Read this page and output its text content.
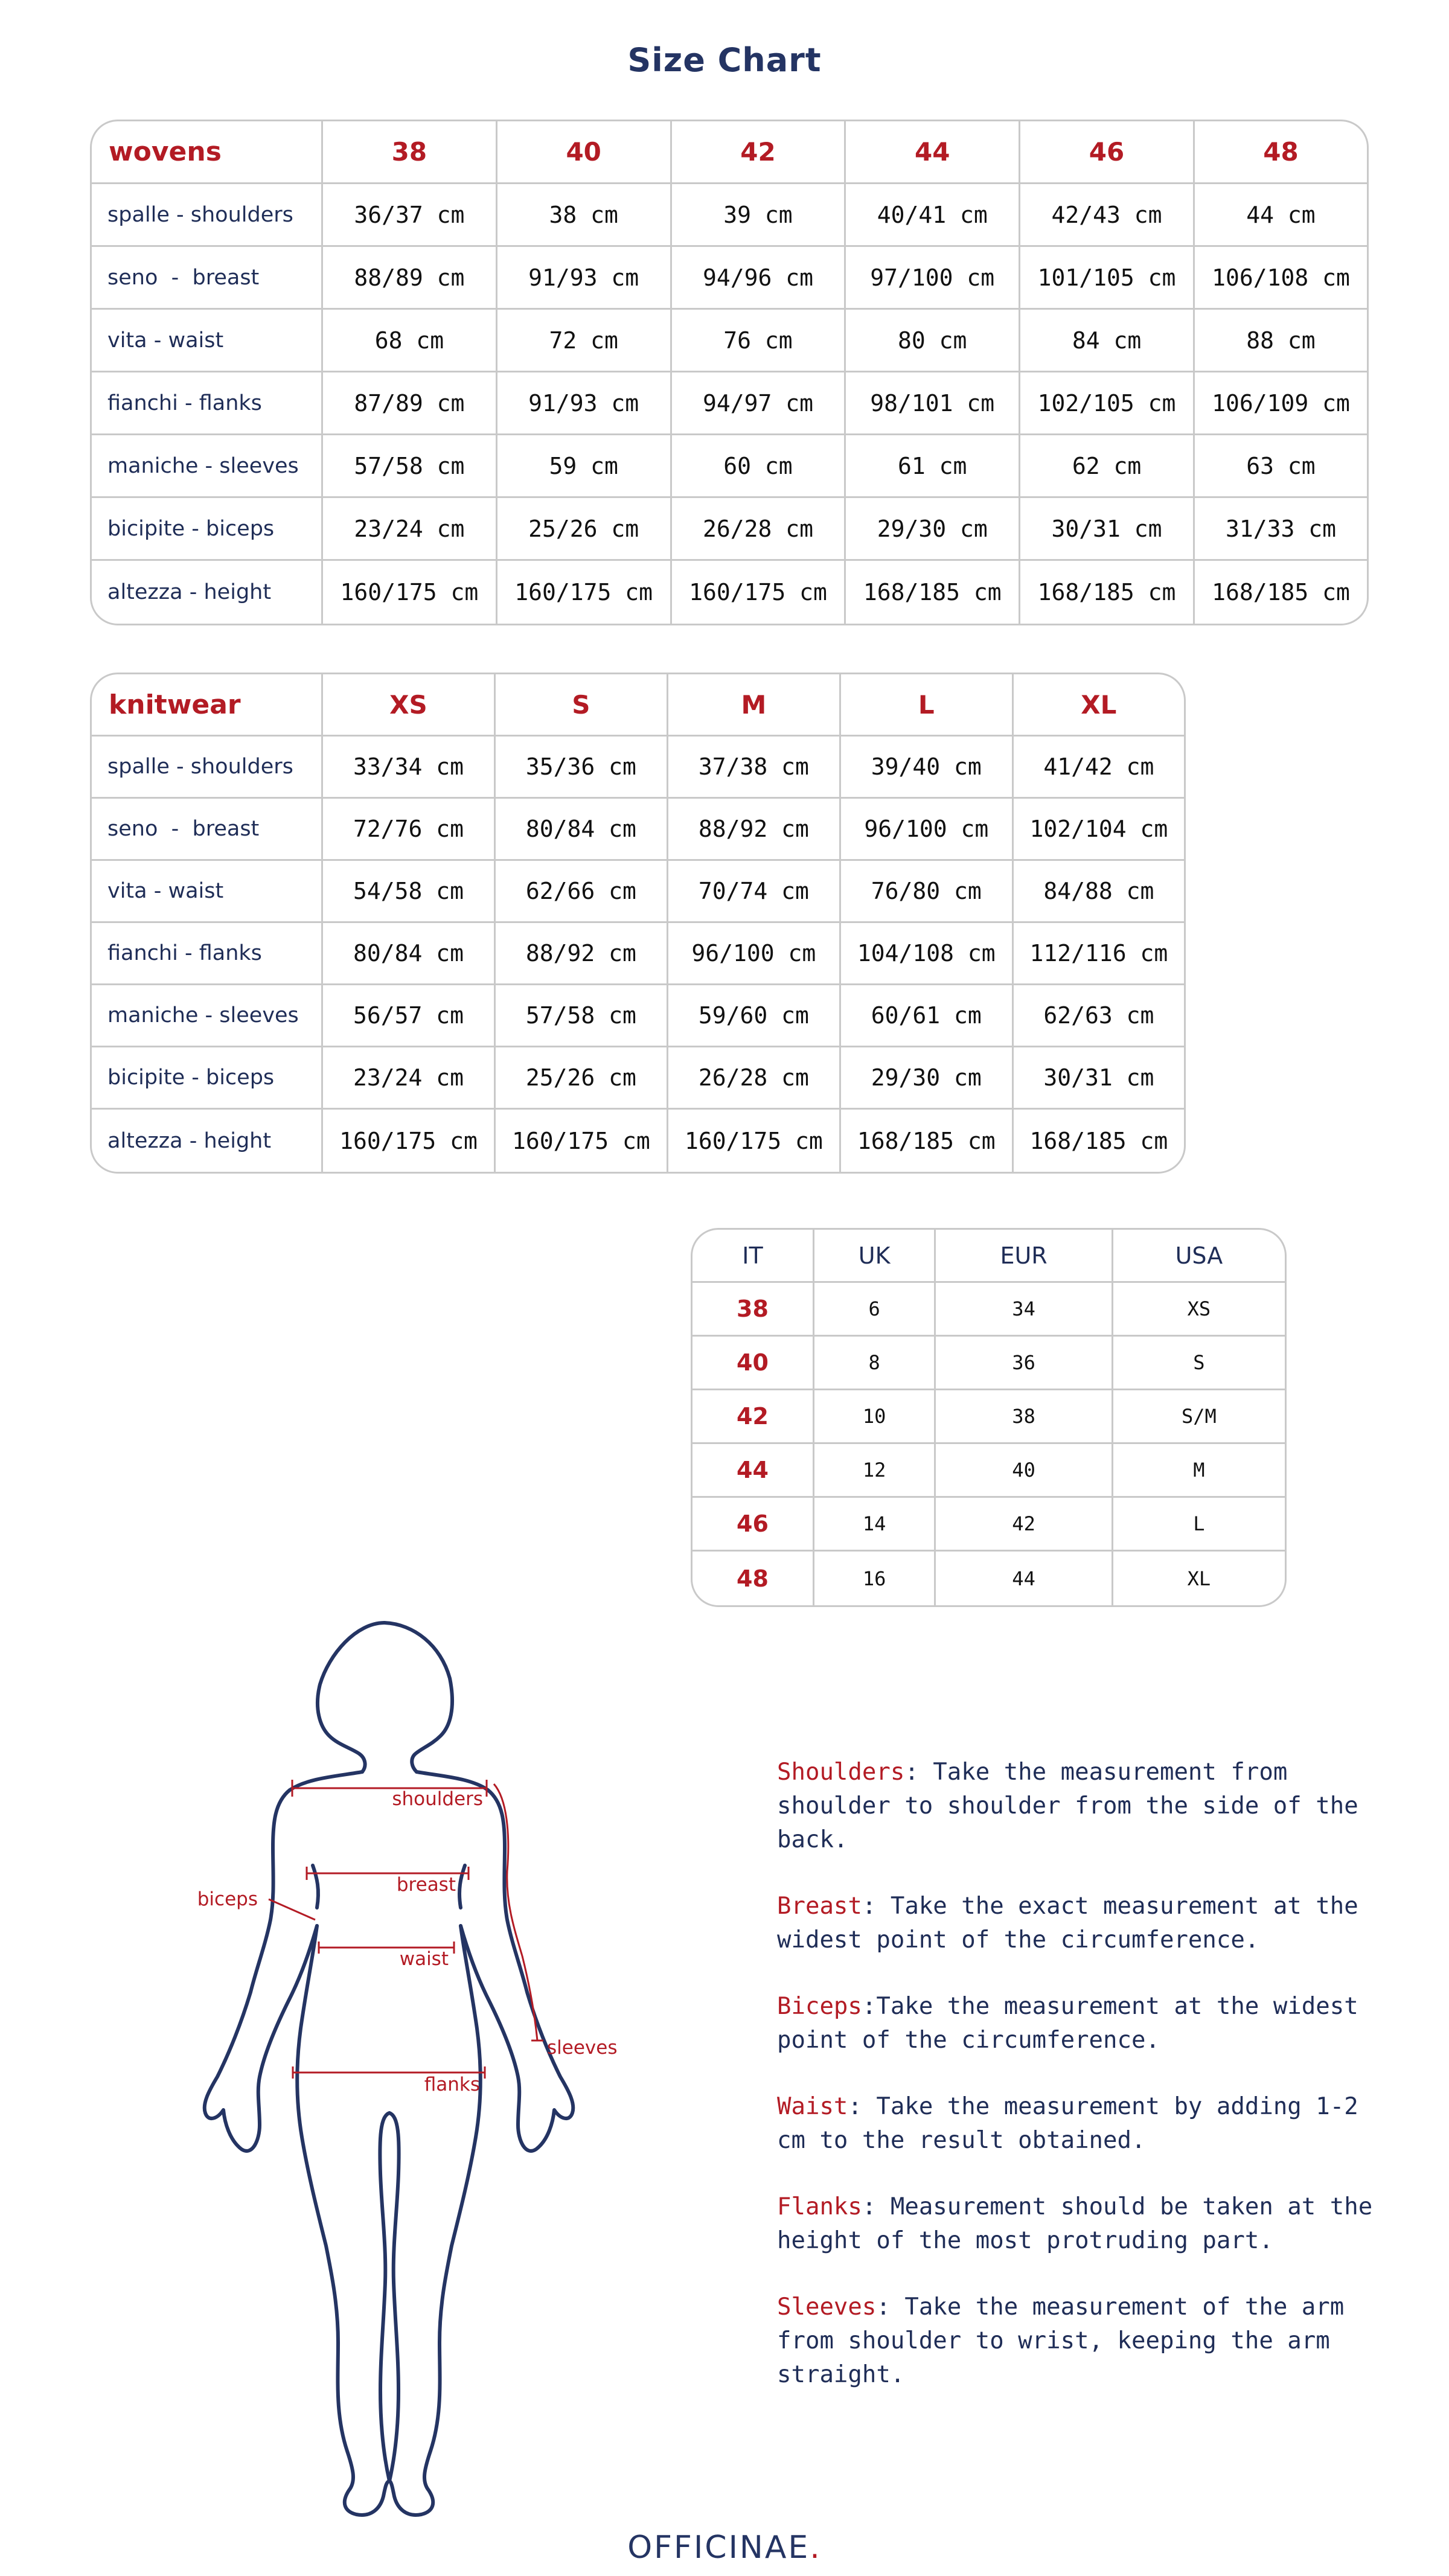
Size Chart
wovens	38	40	42	44	46	48
spalle - shoulders	36/37 cm	38 cm	39 cm	40/41 cm	42/43 cm	44 cm
seno  -  breast	88/89 cm	91/93 cm	94/96 cm	97/100 cm	101/105 cm	106/108 cm
vita - waist	68 cm	72 cm	76 cm	80 cm	84 cm	88 cm
fianchi - flanks	87/89 cm	91/93 cm	94/97 cm	98/101 cm	102/105 cm	106/109 cm
maniche - sleeves	57/58 cm	59 cm	60 cm	61 cm	62 cm	63 cm
bicipite - biceps	23/24 cm	25/26 cm	26/28 cm	29/30 cm	30/31 cm	31/33 cm
altezza - height	160/175 cm	160/175 cm	160/175 cm	168/185 cm	168/185 cm	168/185 cm
knitwear	XS	S	M	L	XL
spalle - shoulders	33/34 cm	35/36 cm	37/38 cm	39/40 cm	41/42 cm
seno  -  breast	72/76 cm	80/84 cm	88/92 cm	96/100 cm	102/104 cm
vita - waist	54/58 cm	62/66 cm	70/74 cm	76/80 cm	84/88 cm
fianchi - flanks	80/84 cm	88/92 cm	96/100 cm	104/108 cm	112/116 cm
maniche - sleeves	56/57 cm	57/58 cm	59/60 cm	60/61 cm	62/63 cm
bicipite - biceps	23/24 cm	25/26 cm	26/28 cm	29/30 cm	30/31 cm
altezza - height	160/175 cm	160/175 cm	160/175 cm	168/185 cm	168/185 cm
IT	UK	EUR	USA
38	6	34	XS
40	8	36	S
42	10	38	S/M
44	12	40	M
46	14	42	L
48	16	44	XL
shoulders
breast
waist
biceps
sleeves
flanks

Shoulders: Take the measurement from shoulder to shoulder from the side of the back.

Breast: Take the exact measurement at the widest point of the circumference.

Biceps:Take the measurement at the widest point of the circumference.

Waist: Take the measurement by adding 1-2 cm to the result obtained.

Flanks: Measurement should be taken at the height of the most protruding part.

Sleeves: Take the measurement of the arm from shoulder to wrist, keeping the arm straight.

OFFICINAE.
